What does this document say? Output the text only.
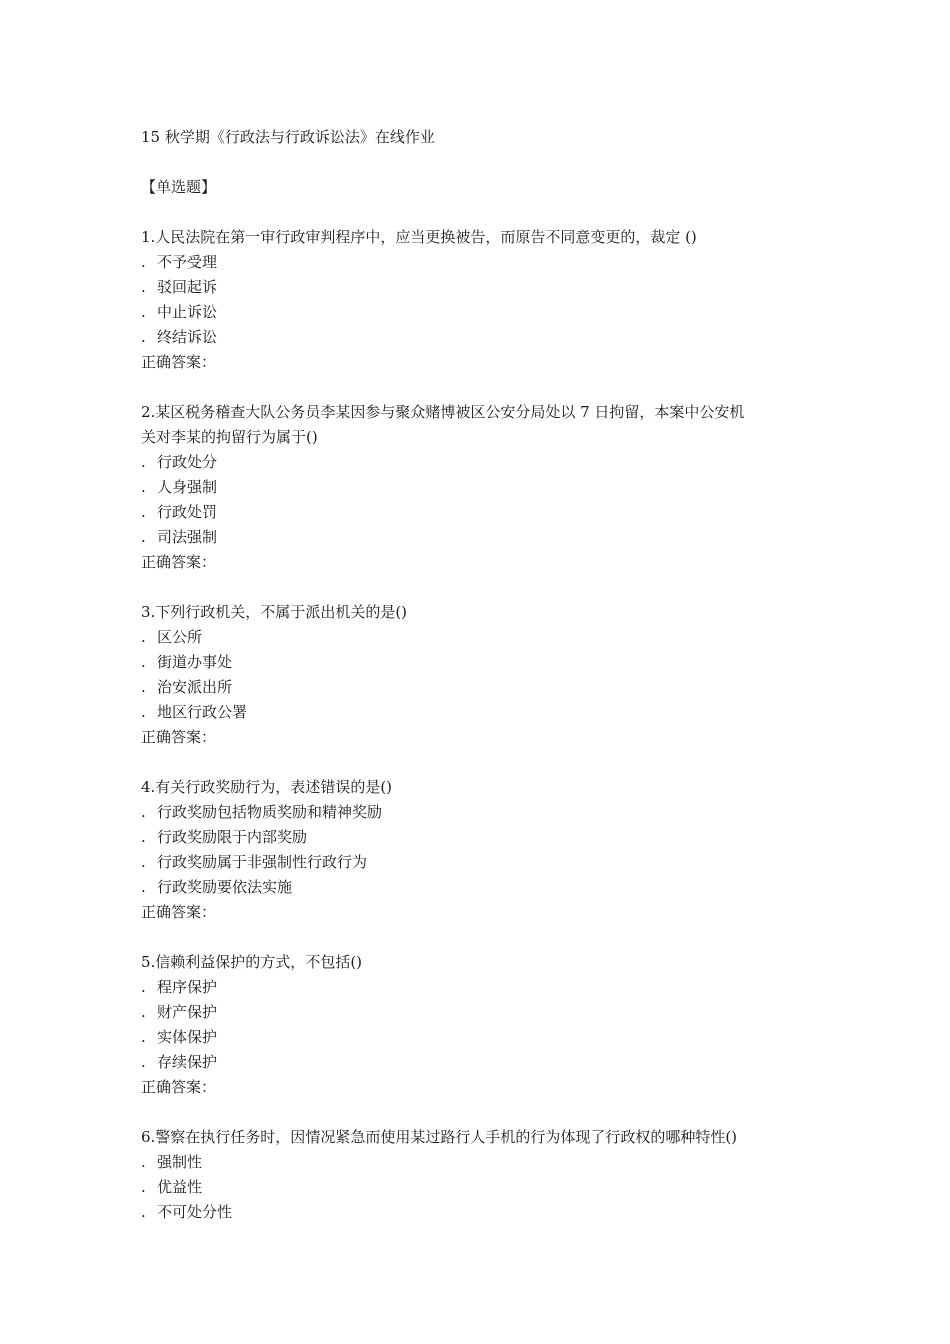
15 秋学期《行政法与行政诉讼法》在线作业
【单选题】
1.人民法院在第一审行政审判程序中，应当更换被告，而原告不同意变更的，裁定 ()
. 不予受理
. 驳回起诉
. 中止诉讼
. 终结诉讼
正确答案：
2.某区税务稽查大队公务员李某因参与聚众赌博被区公安分局处以 7 日拘留，本案中公安机
关对李某的拘留行为属于()
. 行政处分
. 人身强制
. 行政处罚
. 司法强制
正确答案：
3.下列行政机关，不属于派出机关的是()
. 区公所
. 街道办事处
. 治安派出所
. 地区行政公署
正确答案：
4.有关行政奖励行为，表述错误的是()
. 行政奖励包括物质奖励和精神奖励
. 行政奖励限于内部奖励
. 行政奖励属于非强制性行政行为
. 行政奖励要依法实施
正确答案：
5.信赖利益保护的方式，不包括()
. 程序保护
. 财产保护
. 实体保护
. 存续保护
正确答案：
6.警察在执行任务时，因情况紧急而使用某过路行人手机的行为体现了行政权的哪种特性()
. 强制性
. 优益性
. 不可处分性
